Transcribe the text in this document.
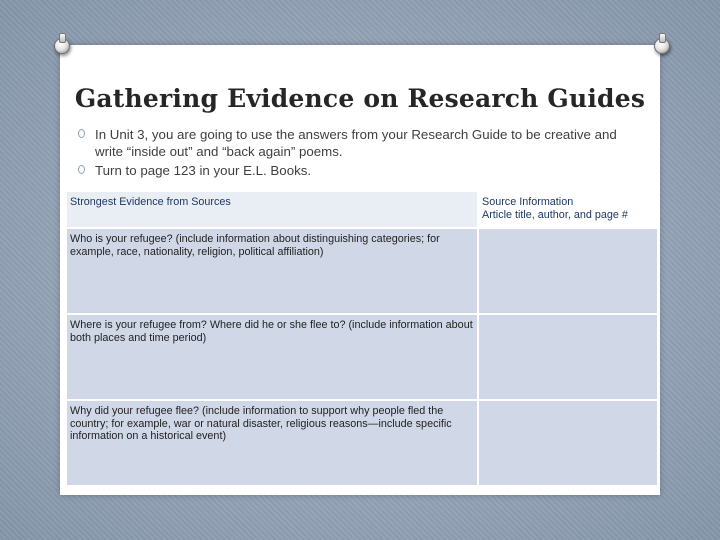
Gathering Evidence on Research Guides
In Unit 3, you are going to use the answers from your Research Guide to be creative and write “inside out” and “back again” poems.
Turn to page 123 in your E.L. Books.
Strongest Evidence from Sources	Source Information
Article title, author, and page #

Who is your refugee? (include information about distinguishing categories; for example, race, nationality, religion, political affiliation)	
Where is your refugee from? Where did he or she flee to? (include information about both places and time period)	
Why did your refugee flee? (include information to support why people fled the country; for example, war or natural disaster, religious reasons—include specific information on a historical event)	
